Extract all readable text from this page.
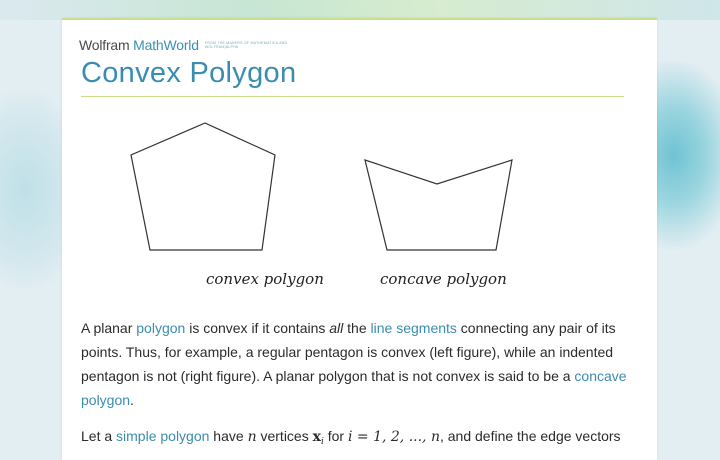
Wolfram MathWorld FROM THE MAKERS OF MATHEMATICA AND WOLFRAM|ALPHA
Convex Polygon
convex polygon	concave polygon

A planar polygon is convex if it contains all the line segments connecting any pair of its points. Thus, for example, a regular pentagon is convex (left figure), while an indented pentagon is not (right figure). A planar polygon that is not convex is said to be a concave polygon.

Let a simple polygon have n vertices $x_i$ for i = 1, 2, ..., n, and define the edge vectors
